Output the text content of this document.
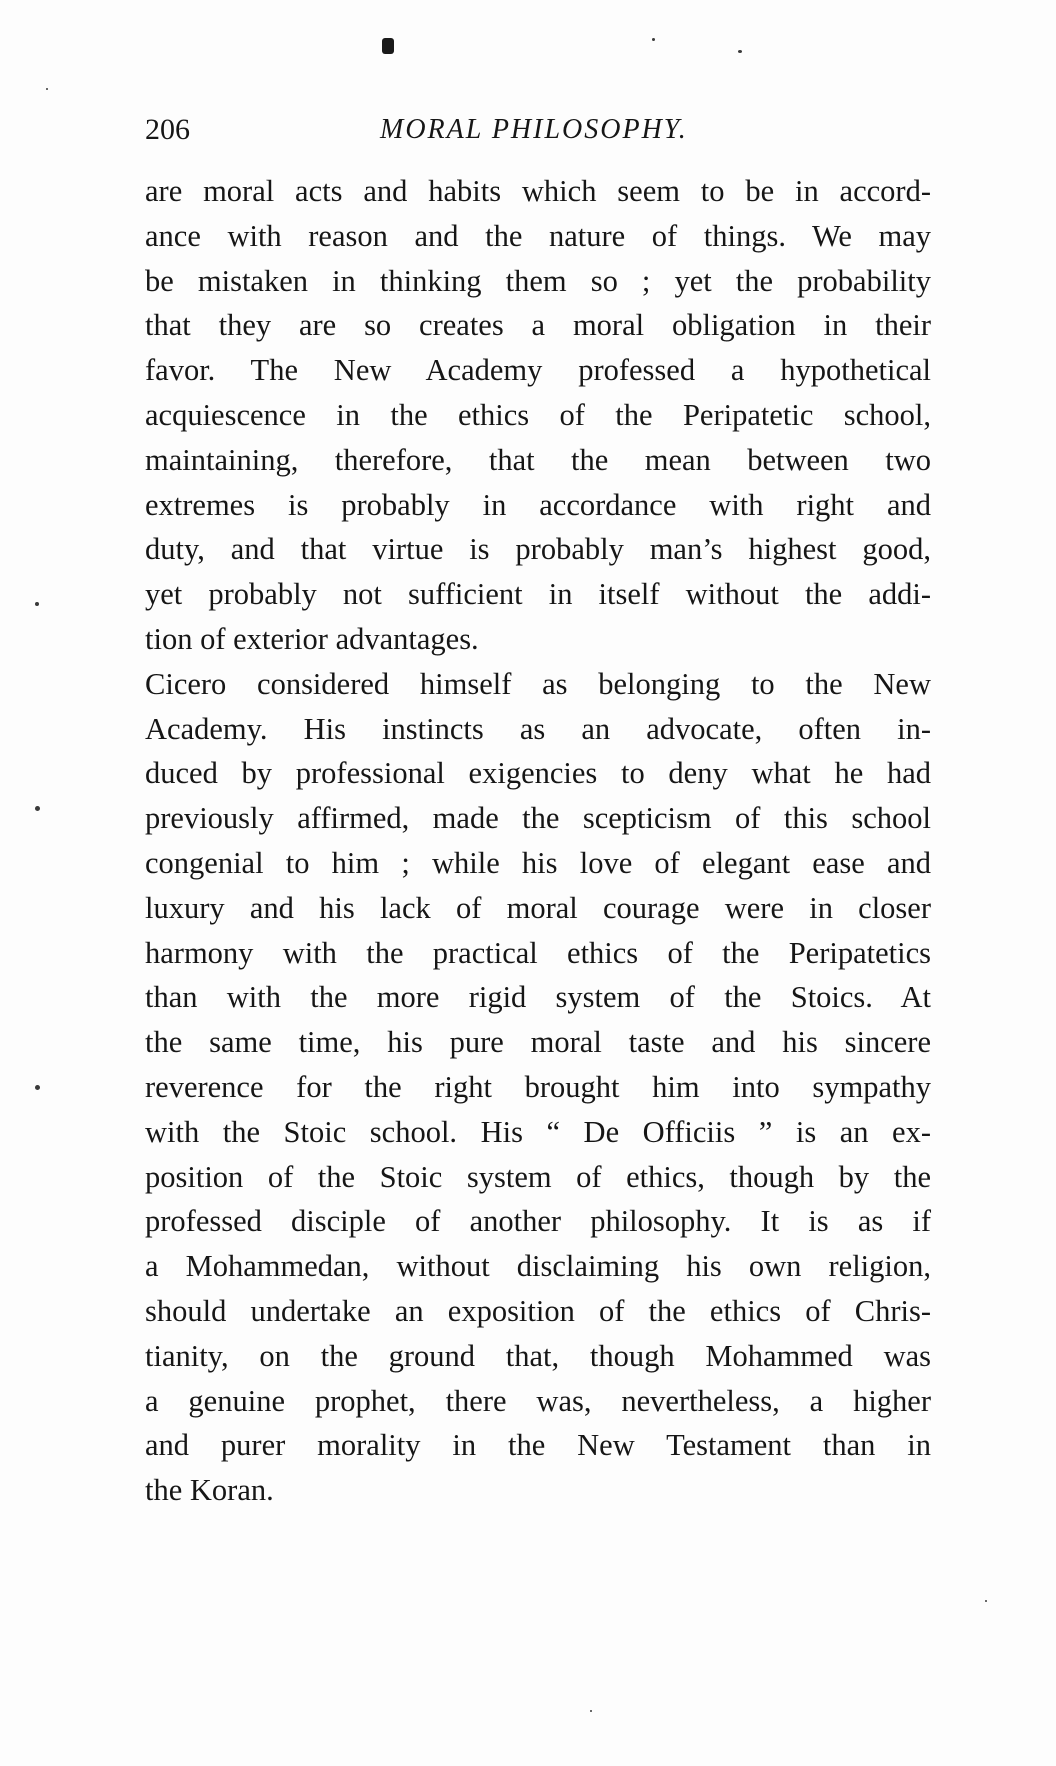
206	MORAL PHILOSOPHY.
are moral acts and habits which seem to be in accord-
ance with reason and the nature of things. We may
be mistaken in thinking them so ; yet the probability
that they are so creates a moral obligation in their
favor. The New Academy professed a hypothetical
acquiescence in the ethics of the Peripatetic school,
maintaining, therefore, that the mean between two
extremes is probably in accordance with right and
duty, and that virtue is probably man’s highest good,
yet probably not sufficient in itself without the addi-
tion of exterior advantages.
Cicero considered himself as belonging to the New
Academy. His instincts as an advocate, often in-
duced by professional exigencies to deny what he had
previously affirmed, made the scepticism of this school
congenial to him ; while his love of elegant ease and
luxury and his lack of moral courage were in closer
harmony with the practical ethics of the Peripatetics
than with the more rigid system of the Stoics. At
the same time, his pure moral taste and his sincere
reverence for the right brought him into sympathy
with the Stoic school. His “ De Officiis ” is an ex-
position of the Stoic system of ethics, though by the
professed disciple of another philosophy. It is as if
a Mohammedan, without disclaiming his own religion,
should undertake an exposition of the ethics of Chris-
tianity, on the ground that, though Mohammed was
a genuine prophet, there was, nevertheless, a higher
and purer morality in the New Testament than in
the Koran.
